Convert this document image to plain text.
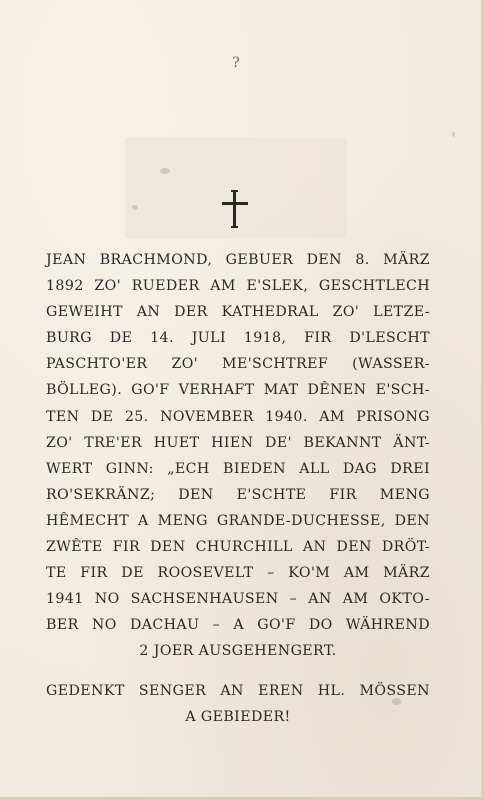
?
JEAN BRACHMOND, GEBUER DEN 8. MÄRZ
1892 ZO' RUEDER AM E'SLEK, GESCHTLECH
GEWEIHT AN DER KATHEDRAL ZO' LETZE-
BURG DE 14. JULI 1918, FIR D'LESCHT
PASCHTO'ER ZO' ME'SCHTREF (WASSER-
BÖLLEG). GO'F VERHAFT MAT DÊNEN E'SCH-
TEN DE 25. NOVEMBER 1940. AM PRISONG
ZO' TRE'ER HUET HIEN DE' BEKANNT ÄNT-
WERT GINN: „ECH BIEDEN ALL DAG DREI
RO'SEKRÄNZ; DEN E'SCHTE FIR MENG
HÊMECHT A MENG GRANDE-DUCHESSE, DEN
ZWÊTE FIR DEN CHURCHILL AN DEN DRÖT-
TE FIR DE ROOSEVELT – KO'M AM MÄRZ
1941 NO SACHSENHAUSEN – AN AM OKTO-
BER NO DACHAU – A GO'F DO WÄHREND
2 JOER AUSGEHENGERT.
GEDENKT SENGER AN EREN HL. MÖSSEN
A GEBIEDER!
